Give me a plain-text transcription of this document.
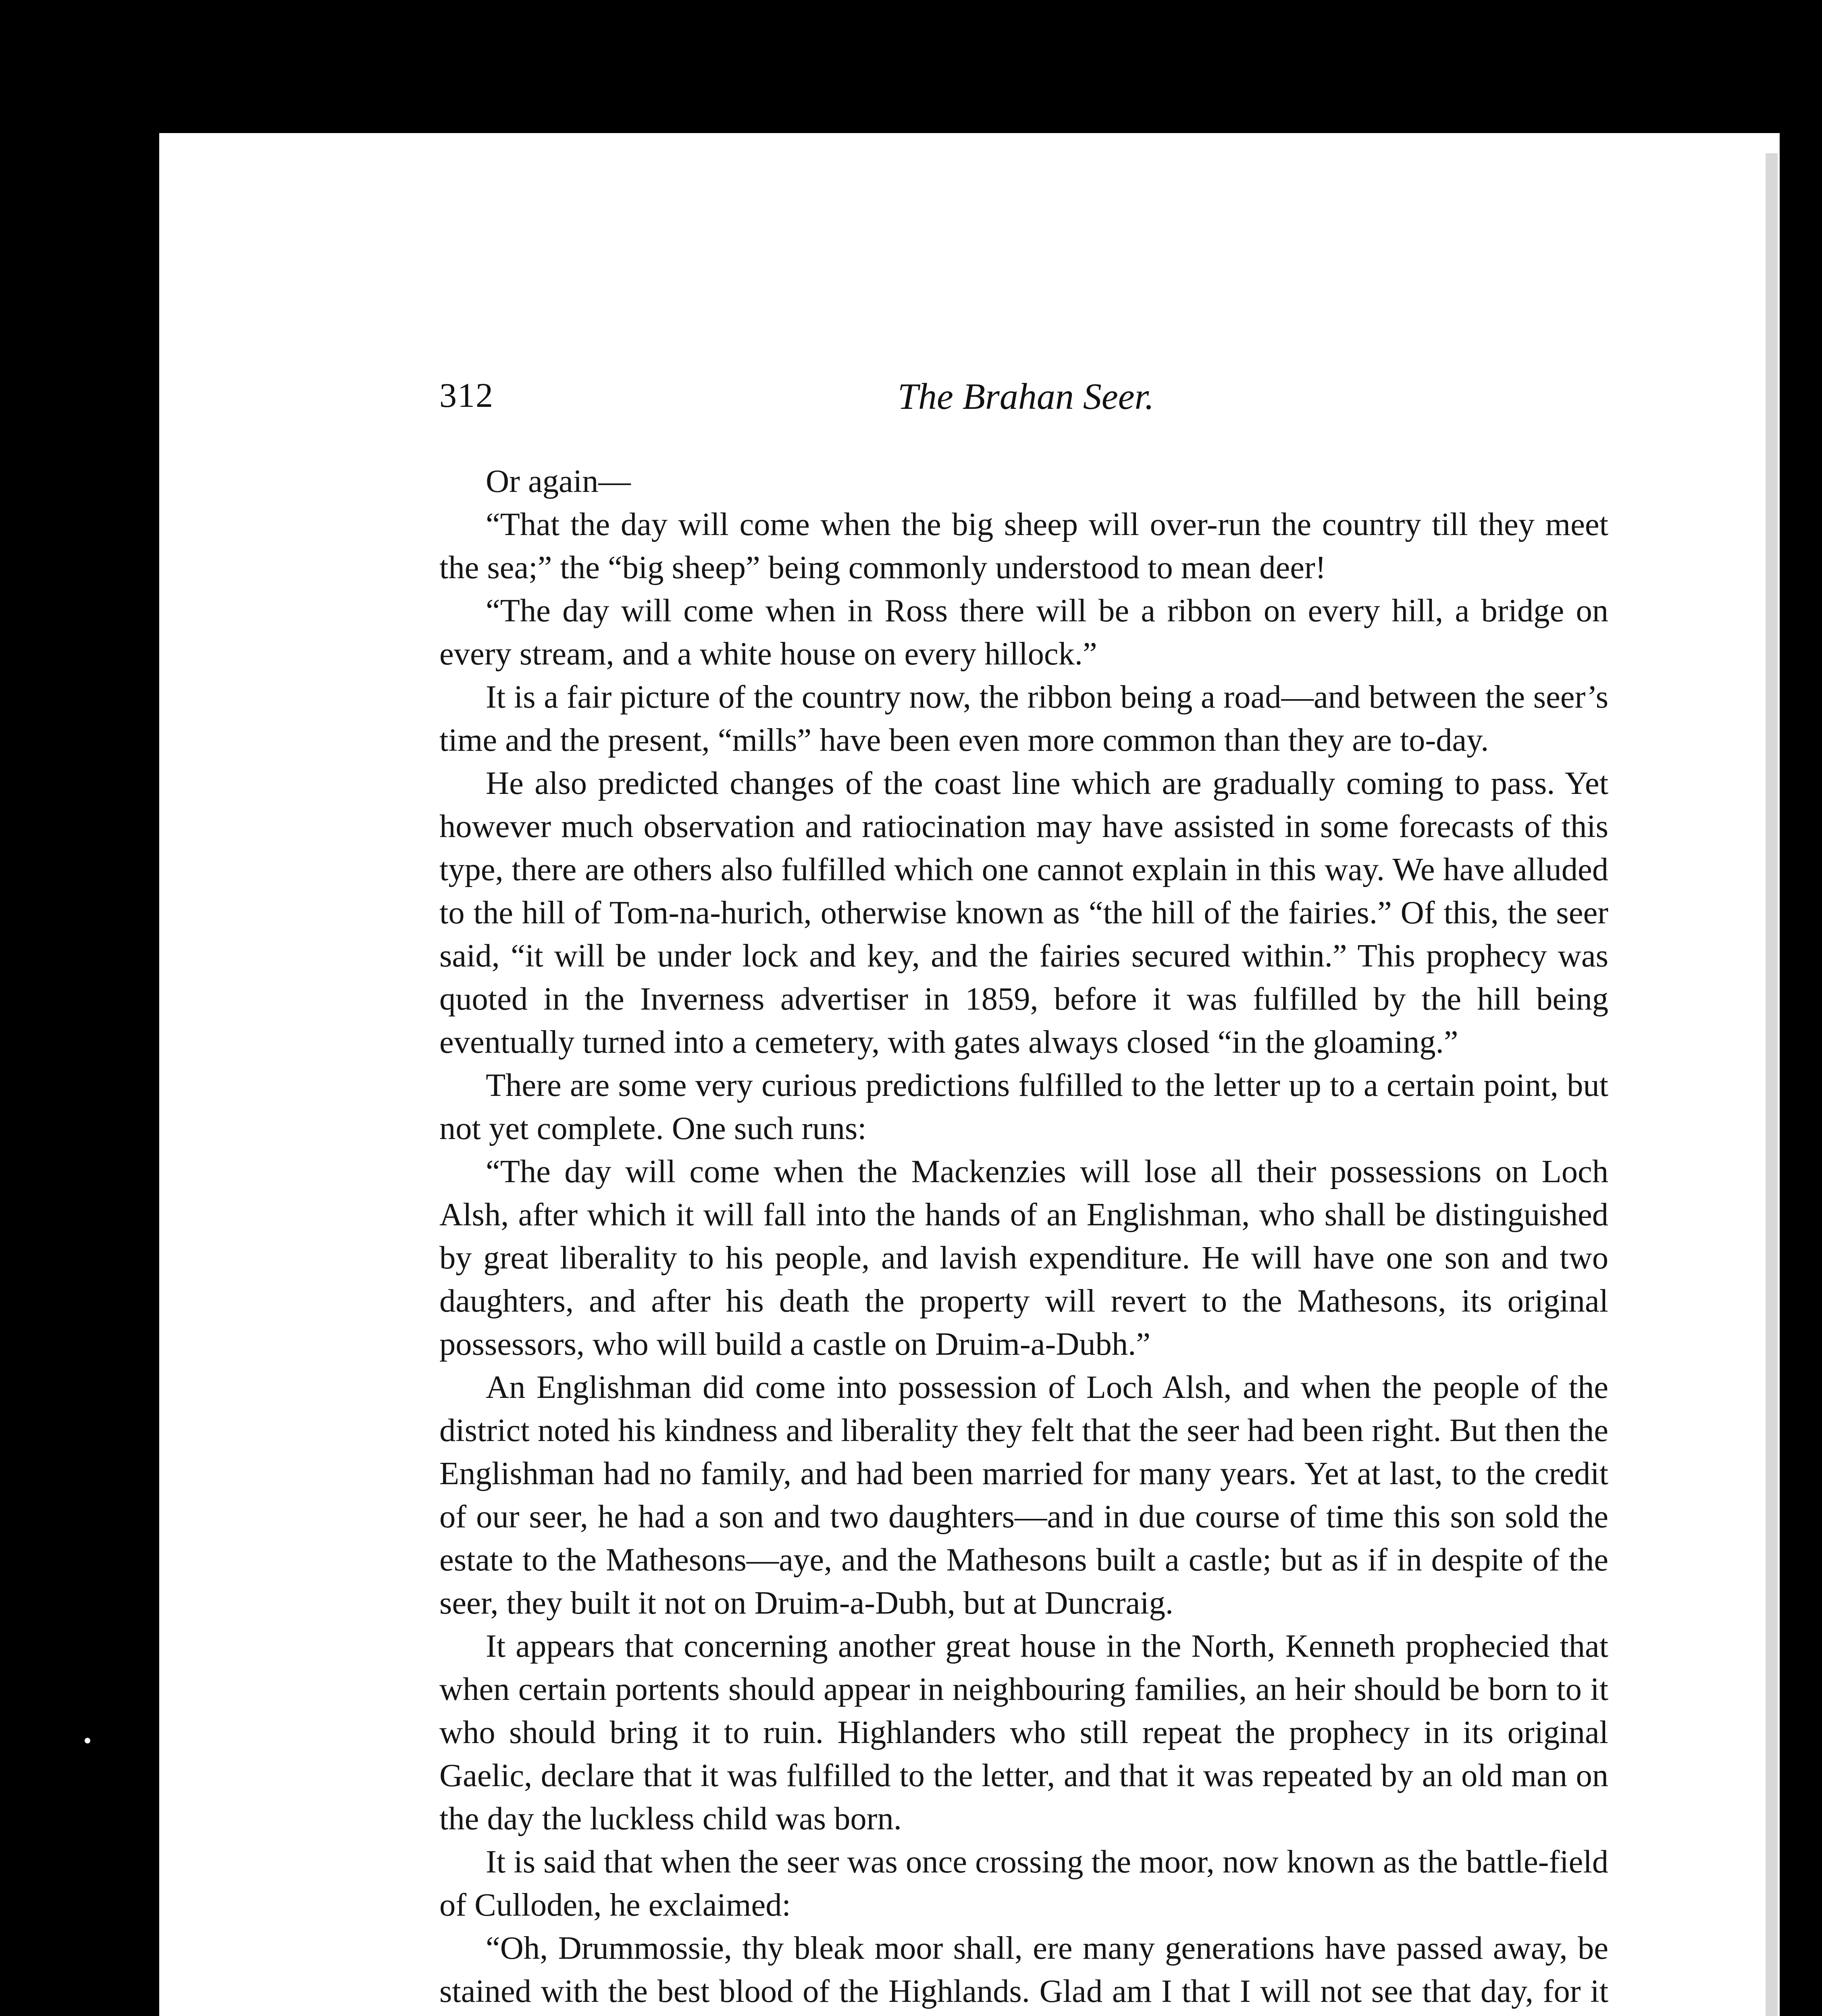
312	The Brahan Seer.

Or again—

“That the day will come when the big sheep will over-run the country till they meet the sea;” the “big sheep” being commonly understood to mean deer!

“The day will come when in Ross there will be a ribbon on every hill, a bridge on every stream, and a white house on every hillock.”

It is a fair picture of the country now, the ribbon being a road—and between the seer’s time and the present, “mills” have been even more common than they are to-day.

He also predicted changes of the coast line which are gradually coming to pass. Yet however much observation and ratiocination may have assisted in some forecasts of this type, there are others also fulfilled which one cannot explain in this way. We have alluded to the hill of Tom-na-hurich, otherwise known as “the hill of the fairies.” Of this, the seer said, “it will be under lock and key, and the fairies secured within.” This prophecy was quoted in the Inverness advertiser in 1859, before it was fulfilled by the hill being eventually turned into a cemetery, with gates always closed “in the gloaming.”

There are some very curious predictions fulfilled to the letter up to a certain point, but not yet complete. One such runs:

“The day will come when the Mackenzies will lose all their possessions on Loch Alsh, after which it will fall into the hands of an Englishman, who shall be distinguished by great liberality to his people, and lavish expenditure. He will have one son and two daughters, and after his death the property will revert to the Mathesons, its original possessors, who will build a castle on Druim-a-Dubh.”

An Englishman did come into possession of Loch Alsh, and when the people of the district noted his kindness and liberality they felt that the seer had been right. But then the Englishman had no family, and had been married for many years. Yet at last, to the credit of our seer, he had a son and two daughters—and in due course of time this son sold the estate to the Mathesons—aye, and the Mathesons built a castle; but as if in despite of the seer, they built it not on Druim-a-Dubh, but at Duncraig.

It appears that concerning another great house in the North, Kenneth prophecied that when certain portents should appear in neighbouring families, an heir should be born to it who should bring it to ruin. Highlanders who still repeat the prophecy in its original Gaelic, declare that it was fulfilled to the letter, and that it was repeated by an old man on the day the luckless child was born.

It is said that when the seer was once crossing the moor, now known as the battle-field of Culloden, he exclaimed:

“Oh, Drummossie, thy bleak moor shall, ere many generations have passed away, be stained with the best blood of the Highlands. Glad am I that I will not see that day, for it
